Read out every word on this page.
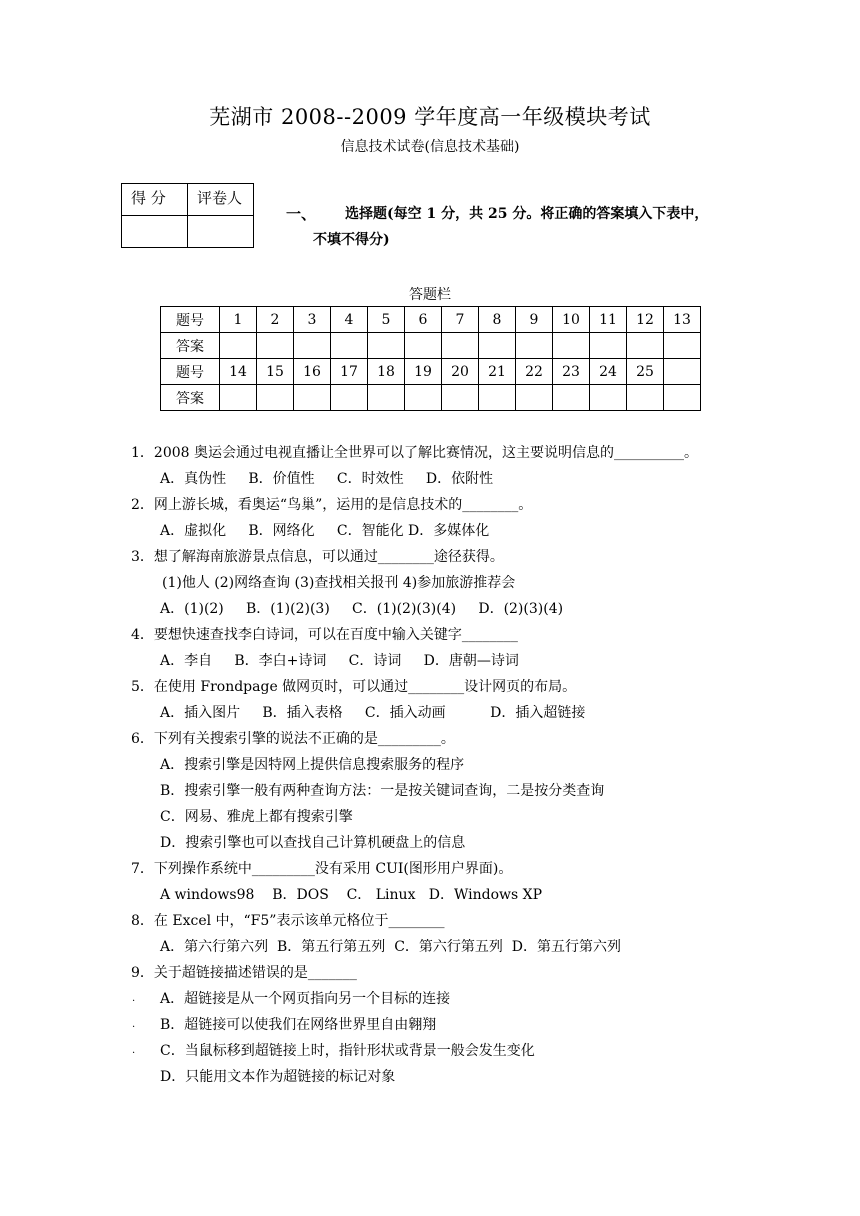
芜湖市 2008--2009 学年度高一年级模块考试
信息技术试卷(信息技术基础)
得 分	评卷人

一、 选择题(每空 1 分，共 25 分。将正确的答案填入下表中，
不填不得分)
答题栏
题号	1	2	3	4	5	6	7	8	9	10	11	12	13
答案													
题号	14	15	16	17	18	19	20	21	22	23	24	25	
答案													
1．2008 奥运会通过电视直播让全世界可以了解比赛情况，这主要说明信息的__________。
A．真伪性     B．价值性     C．时效性     D．依附性
2．网上游长城，看奥运“鸟巢”，运用的是信息技术的________。
A．虚拟化     B．网络化     C．智能化 D．多媒体化
3．想了解海南旅游景点信息，可以通过________途径获得。
(1)他人 (2)网络查询 (3)查找相关报刊 4)参加旅游推荐会
A．(1)(2)     B．(1)(2)(3)     C．(1)(2)(3)(4)     D．(2)(3)(4)
4．要想快速查找李白诗词，可以在百度中输入关键字________
A．李自     B．李白+诗词     C．诗词     D．唐朝—诗词
5．在使用 Frondpage 做网页时，可以通过________设计网页的布局。
A．插入图片     B．插入表格     C．插入动画          D．插入超链接
6．下列有关搜索引擎的说法不正确的是_________。
A．搜索引擎是因特网上提供信息搜索服务的程序
B．搜索引擎一般有两种查询方法：一是按关键词查询，二是按分类查询
C．网易、雅虎上都有搜索引擎
D．搜索引擎也可以查找自己计算机硬盘上的信息
7．下列操作系统中_________没有采用 CUI(图形用户界面)。
A windows98    B．DOS    C． Linux   D．Windows XP
8．在 Excel 中，“F5”表示该单元格位于________
A．第六行第六列  B．第五行第五列  C．第六行第五列  D．第五行第六列
9．关于超链接描述错误的是_______
. A．超链接是从一个网页指向另一个目标的连接
. B．超链接可以使我们在网络世界里自由翱翔
. C．当鼠标移到超链接上时，指针形状或背景一般会发生变化
D．只能用文本作为超链接的标记对象
